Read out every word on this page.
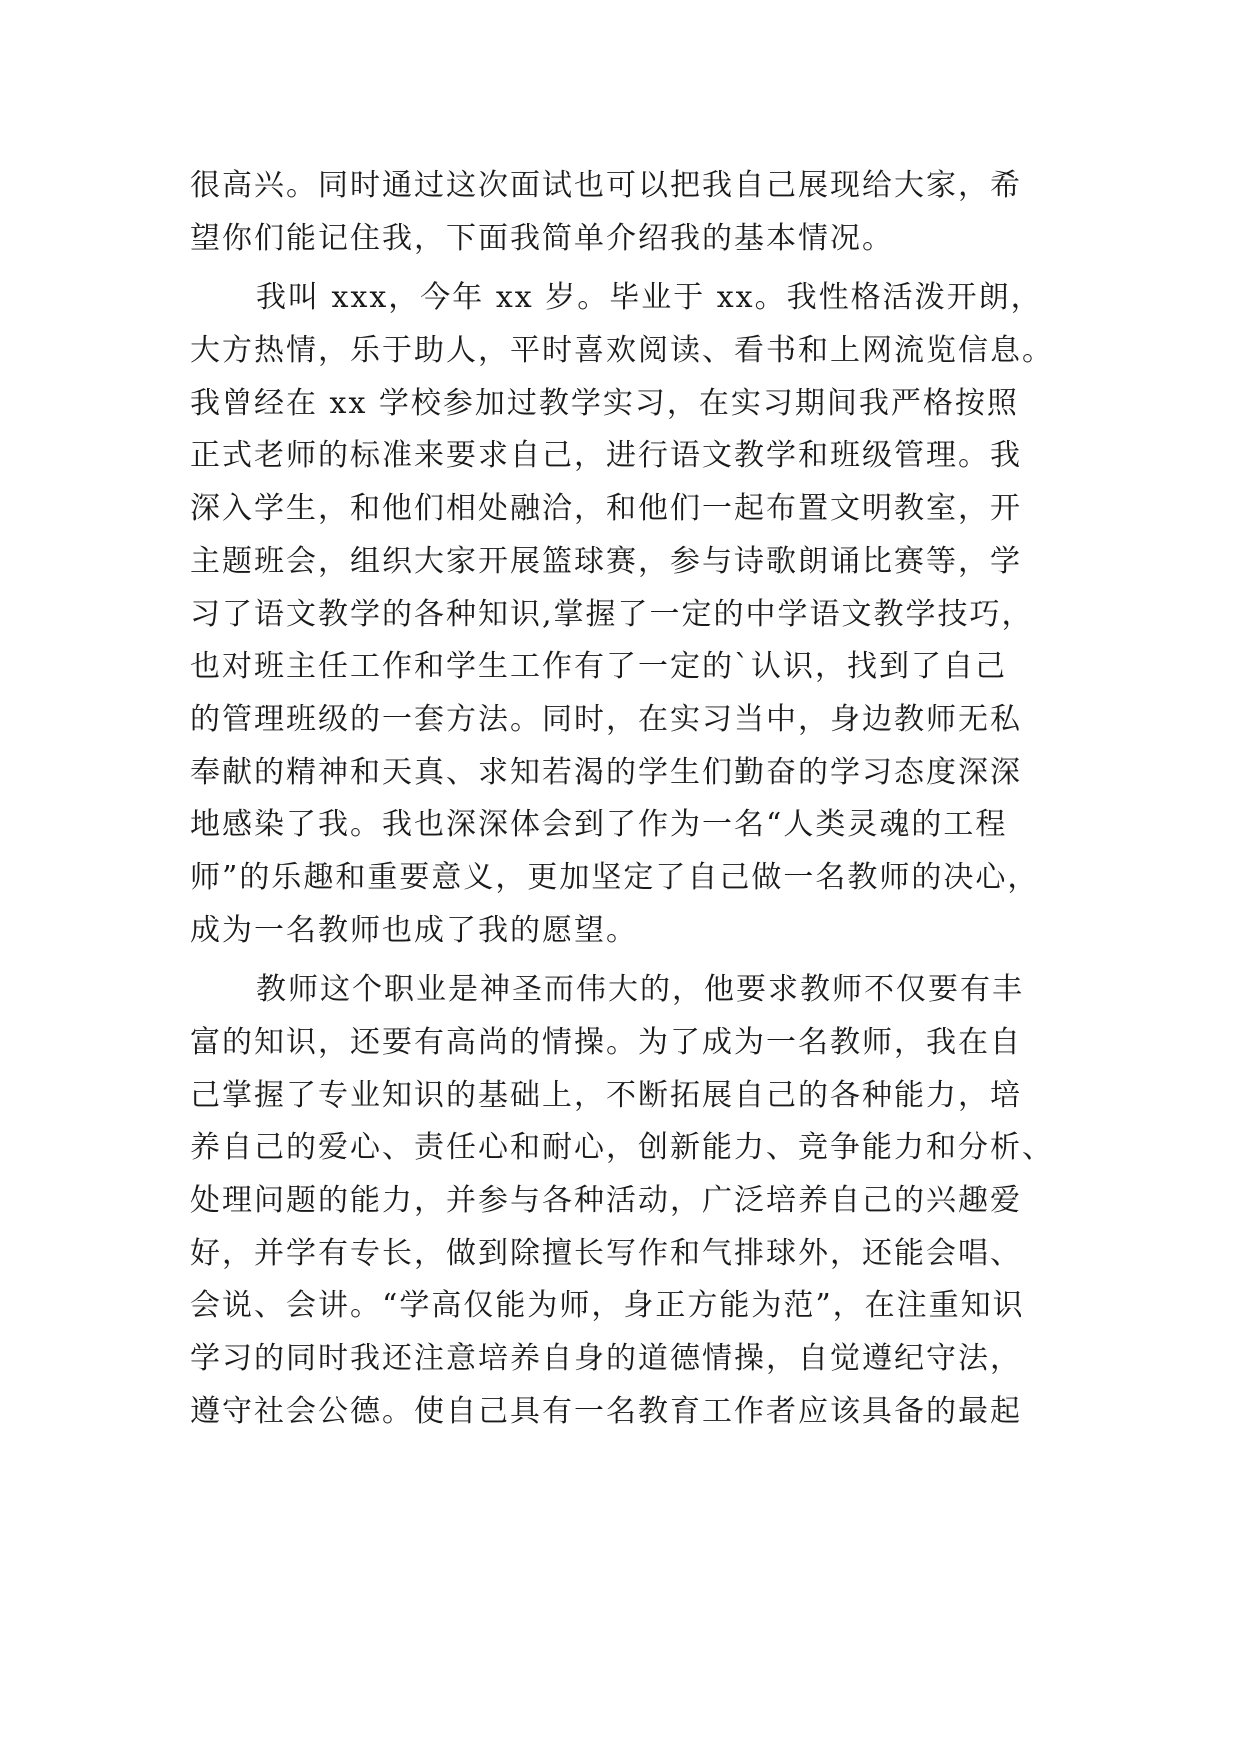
很高兴。同时通过这次面试也可以把我自己展现给大家，希
望你们能记住我，下面我简单介绍我的基本情况。
我叫 xxx，今年 xx 岁。毕业于 xx。我性格活泼开朗，
大方热情，乐于助人，平时喜欢阅读、看书和上网流览信息。
我曾经在 xx 学校参加过教学实习，在实习期间我严格按照
正式老师的标准来要求自己，进行语文教学和班级管理。我
深入学生，和他们相处融洽，和他们一起布置文明教室，开
主题班会，组织大家开展篮球赛，参与诗歌朗诵比赛等，学
习了语文教学的各种知识,掌握了一定的中学语文教学技巧，
也对班主任工作和学生工作有了一定的`认识，找到了自己
的管理班级的一套方法。同时，在实习当中，身边教师无私
奉献的精神和天真、求知若渴的学生们勤奋的学习态度深深
地感染了我。我也深深体会到了作为一名“人类灵魂的工程
师”的乐趣和重要意义，更加坚定了自己做一名教师的决心，
成为一名教师也成了我的愿望。
教师这个职业是神圣而伟大的，他要求教师不仅要有丰
富的知识，还要有高尚的情操。为了成为一名教师，我在自
己掌握了专业知识的基础上，不断拓展自己的各种能力，培
养自己的爱心、责任心和耐心，创新能力、竞争能力和分析、
处理问题的能力，并参与各种活动，广泛培养自己的兴趣爱
好，并学有专长，做到除擅长写作和气排球外，还能会唱、
会说、会讲。“学高仅能为师，身正方能为范”，在注重知识
学习的同时我还注意培养自身的道德情操，自觉遵纪守法，
遵守社会公德。使自己具有一名教育工作者应该具备的最起
